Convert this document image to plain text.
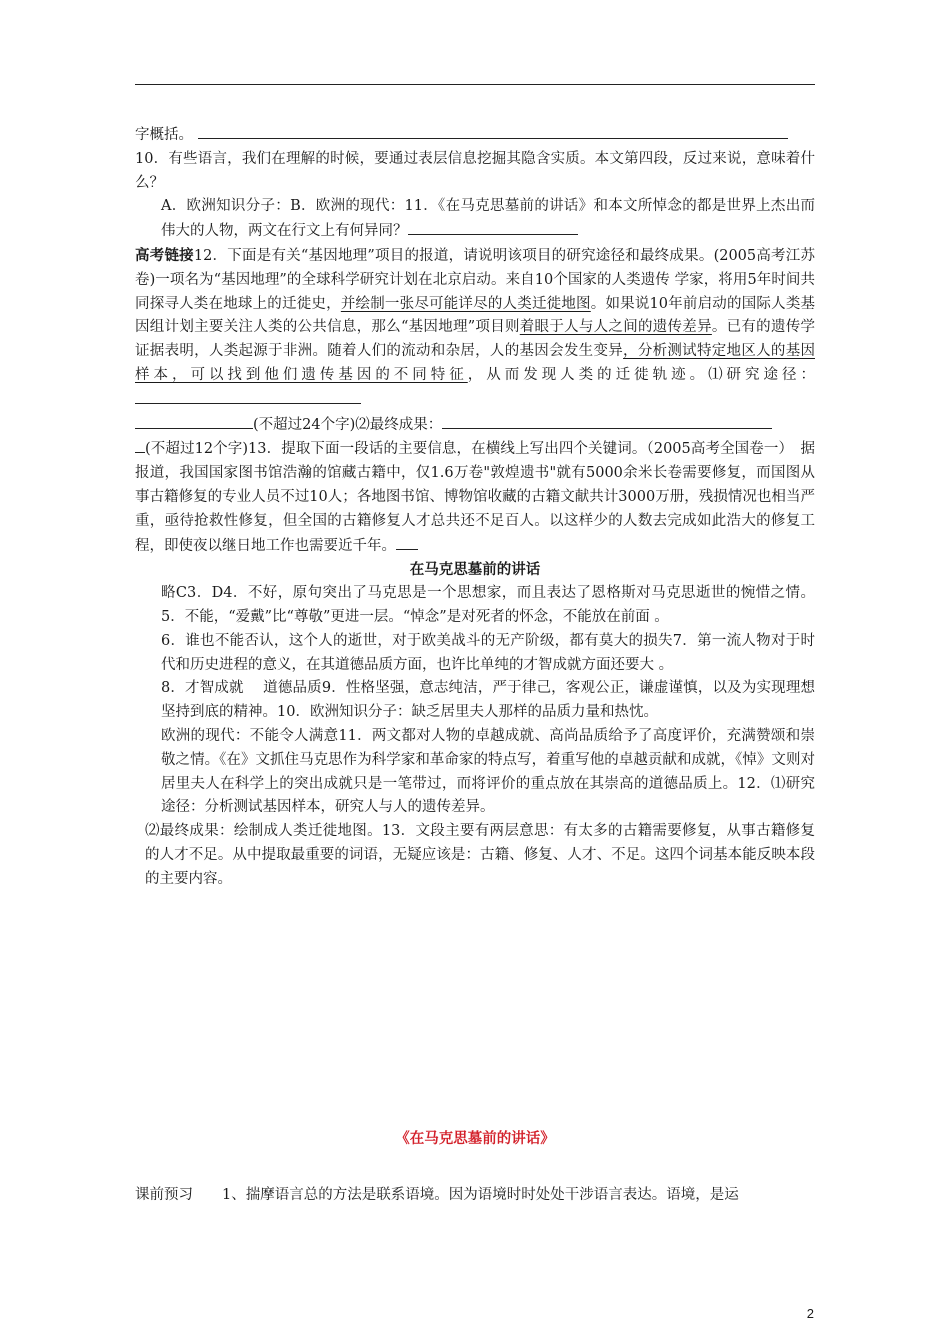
字概括。

10．有些语言，我们在理解的时候，要通过表层信息挖掘其隐含实质。本文第四段，反过来说，意味着什么？

A．欧洲知识分子：B．欧洲的现代：11．《在马克思墓前的讲话》和本文所悼念的都是世界上杰出而伟大的人物，两文在行文上有何异同？

高考链接12．下面是有关“基因地理”项目的报道，请说明该项目的研究途径和最终成果。(2005高考江苏卷)一项名为“基因地理”的全球科学研究计划在北京启动。来自10个国家的人类遗传 学家，将用5年时间共同探寻人类在地球上的迁徙史，并绘制一张尽可能详尽的人类迁徙地图。如果说10年前启动的国际人类基因组计划主要关注人类的公共信息，那么“基因地理”项目则着眼于人与人之间的遗传差异。已有的遗传学证据表明，人类起源于非洲。随着人们的流动和杂居，人的基因会发生变异，分析测试特定地区人的基因样本，可以找到他们遗传基因的不同特征，从而发现人类的迁徙轨迹。⑴研究途径：
(不超过24个字)⑵最终成果：

(不超过12个字)13．提取下面一段话的主要信息，在横线上写出四个关键词。（2005高考全国卷一）　据报道，我国国家图书馆浩瀚的馆藏古籍中，仅1.6万卷"敦煌遗书"就有5000余米长卷需要修复，而国图从事古籍修复的专业人员不过10人；各地图书馆、博物馆收藏的古籍文献共计3000万册，残损情况也相当严重，亟待抢救性修复，但全国的古籍修复人才总共还不足百人。以这样少的人数去完成如此浩大的修复工程，即使夜以继日地工作也需要近千年。

在马克思墓前的讲话

略C3．D4．不好，原句突出了马克思是一个思想家，而且表达了恩格斯对马克思逝世的惋惜之情。5．不能，“爱戴”比“尊敬”更进一层。“悼念”是对死者的怀念，不能放在前面 。

6．谁也不能否认，这个人的逝世，对于欧美战斗的无产阶级，都有莫大的损失7．第一流人物对于时代和历史进程的意义，在其道德品质方面，也许比单纯的才智成就方面还要大 。

8．才智成就　 道德品质9．性格坚强，意志纯洁，严于律己，客观公正，谦虚谨慎，以及为实现理想坚持到底的精神。10．欧洲知识分子：缺乏居里夫人那样的品质力量和热忱。

欧洲的现代：不能令人满意11．两文都对人物的卓越成就、高尚品质给予了高度评价，充满赞颂和崇敬之情。《在》文抓住马克思作为科学家和革命家的特点写，着重写他的卓越贡献和成就，《悼》文则对居里夫人在科学上的突出成就只是一笔带过，而将评价的重点放在其崇高的道德品质上。12．⑴研究途径：分析测试基因样本，研究人与人的遗传差异。

⑵最终成果：绘制成人类迁徙地图。13．文段主要有两层意思：有太多的古籍需要修复，从事古籍修复的人才不足。从中提取最重要的词语，无疑应该是：古籍、修复、人才、不足。这四个词基本能反映本段的主要内容。

《在马克思墓前的讲话》
课前预习　　 1、揣摩语言总的方法是联系语境。因为语境时时处处干涉语言表达。语境，是运
2
